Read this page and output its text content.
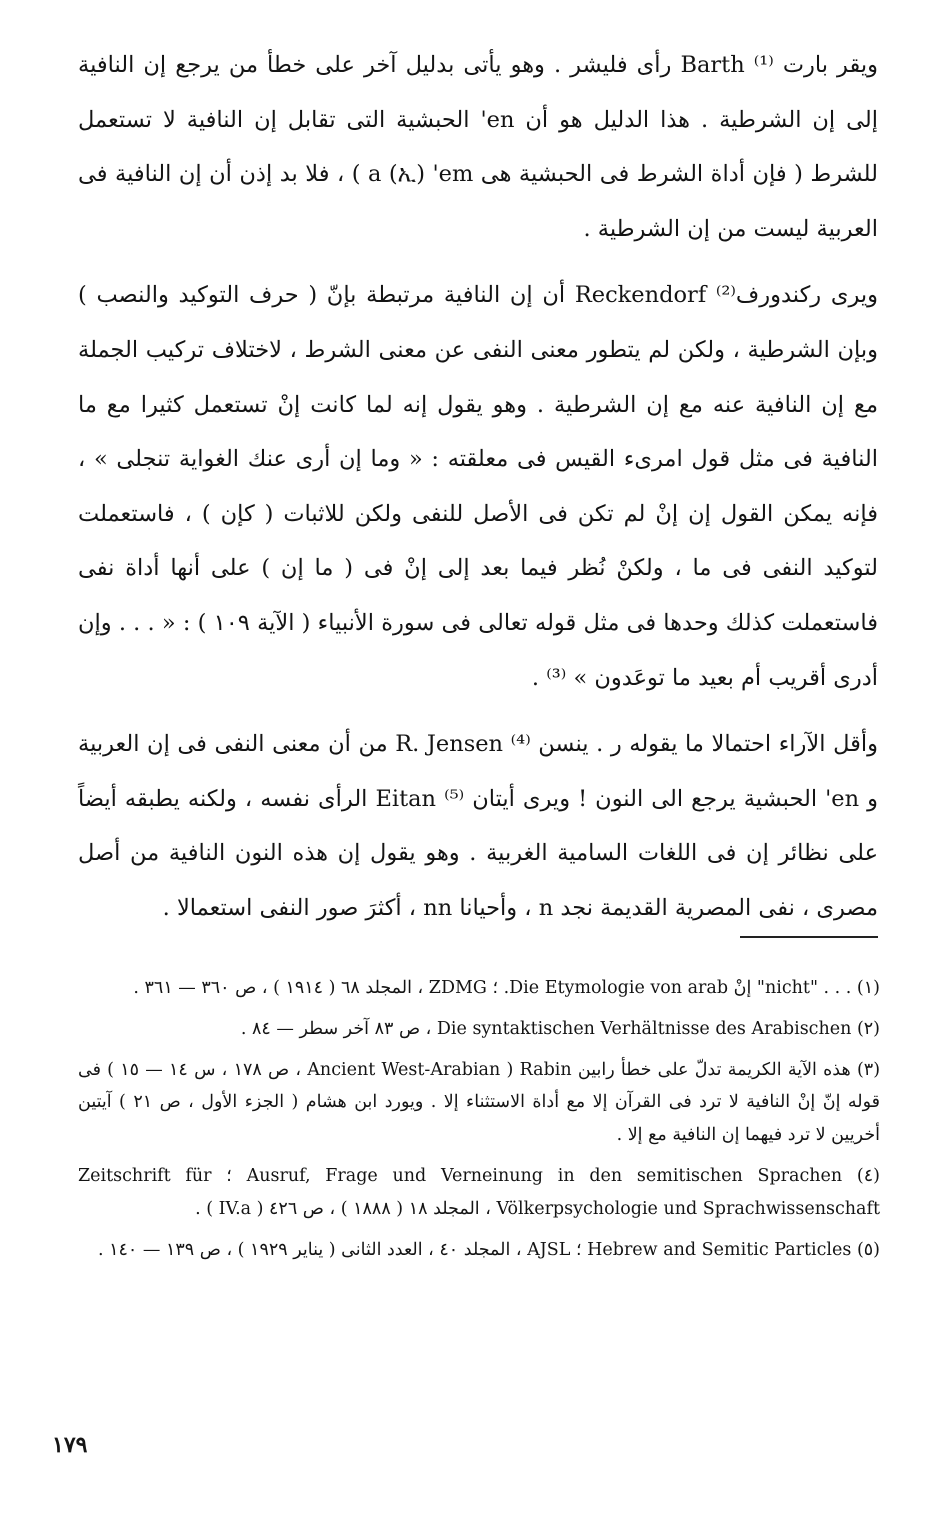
ويقر بارت Barth ⁽¹⁾ رأى فليشر . وهو يأتى بدليل آخر على خطأ من يرجع إن النافية إلى إن الشرطية . هذا الدليل هو أن en' الحبشية التى تقابل إن النافية لا تستعمل للشرط ( فإن أداة الشرط فى الحبشية هى a (ኢ) 'em ) ، فلا بد إذن أن إن النافية فى العربية ليست من إن الشرطية .

ويرى ركندورف⁽²⁾ Reckendorf أن إن النافية مرتبطة بإنّ ( حرف التوكيد والنصب ) وبإن الشرطية ، ولكن لم يتطور معنى النفى عن معنى الشرط ، لاختلاف تركيب الجملة مع إن النافية عنه مع إن الشرطية . وهو يقول إنه لما كانت إنْ تستعمل كثيرا مع ما النافية فى مثل قول امرىء القيس فى معلقته : « وما إن أرى عنك الغواية تنجلى » ، فإنه يمكن القول إن إنْ لم تكن فى الأصل للنفى ولكن للاثبات ( كإن ) ، فاستعملت لتوكيد النفى فى ما ، ولكنْ نُظر فيما بعد إلى إنْ فى ( ما إن ) على أنها أداة نفى فاستعملت كذلك وحدها فى مثل قوله تعالى فى سورة الأنبياء ( الآية ١٠٩ ) : « . . . وإن أدرى أقريب أم بعيد ما توعَدون » ⁽³⁾ .

وأقل الآراء احتمالا ما يقوله ر . ينسن ⁽⁴⁾ R. Jensen من أن معنى النفى فى إن العربية و en' الحبشية يرجع الى النون ! ويرى أيتان Eitan ⁽⁵⁾ الرأى نفسه ، ولكنه يطبقه أيضاً على نظائر إن فى اللغات السامية الغربية . وهو يقول إن هذه النون النافية من أصل مصرى ، نفى المصرية القديمة نجد n ، وأحيانا nn ، أكثرَ صور النفى استعمالا .

(١) . . . "nicht" إنْ Die Etymologie von arab. ؛ ZDMG ، المجلد ٦٨ ( ١٩١٤ ) ، ص ٣٦٠ — ٣٦١ .
(٢) Die syntaktischen Verhältnisse des Arabischen ، ص ٨٣ آخر سطر — ٨٤ .
(٣) هذه الآية الكريمة تدلّ على خطأ رابين Rabin ( Ancient West-Arabian ، ص ١٧٨ ، س ١٤ — ١٥ ) فى قوله إنّ إنْ النافية لا ترد فى القرآن إلا مع أداة الاستثناء إلا . ويورد ابن هشام ( الجزء الأول ، ص ٢١ ) آيتين أخريين لا ترد فيهما إن النافية مع إلا .
(٤) Ausruf, Frage und Verneinung in den semitischen Sprachen ؛ Zeitschrift für Völkerpsychologie und Sprachwissenschaft ، المجلد ١٨ ( ١٨٨٨ ) ، ص ٤٢٦ ( IV.a ) .
(٥) Hebrew and Semitic Particles ؛ AJSL ، المجلد ٤٠ ، العدد الثانى ( يناير ١٩٢٩ ) ، ص ١٣٩ — ١٤٠ .
١٧٩
